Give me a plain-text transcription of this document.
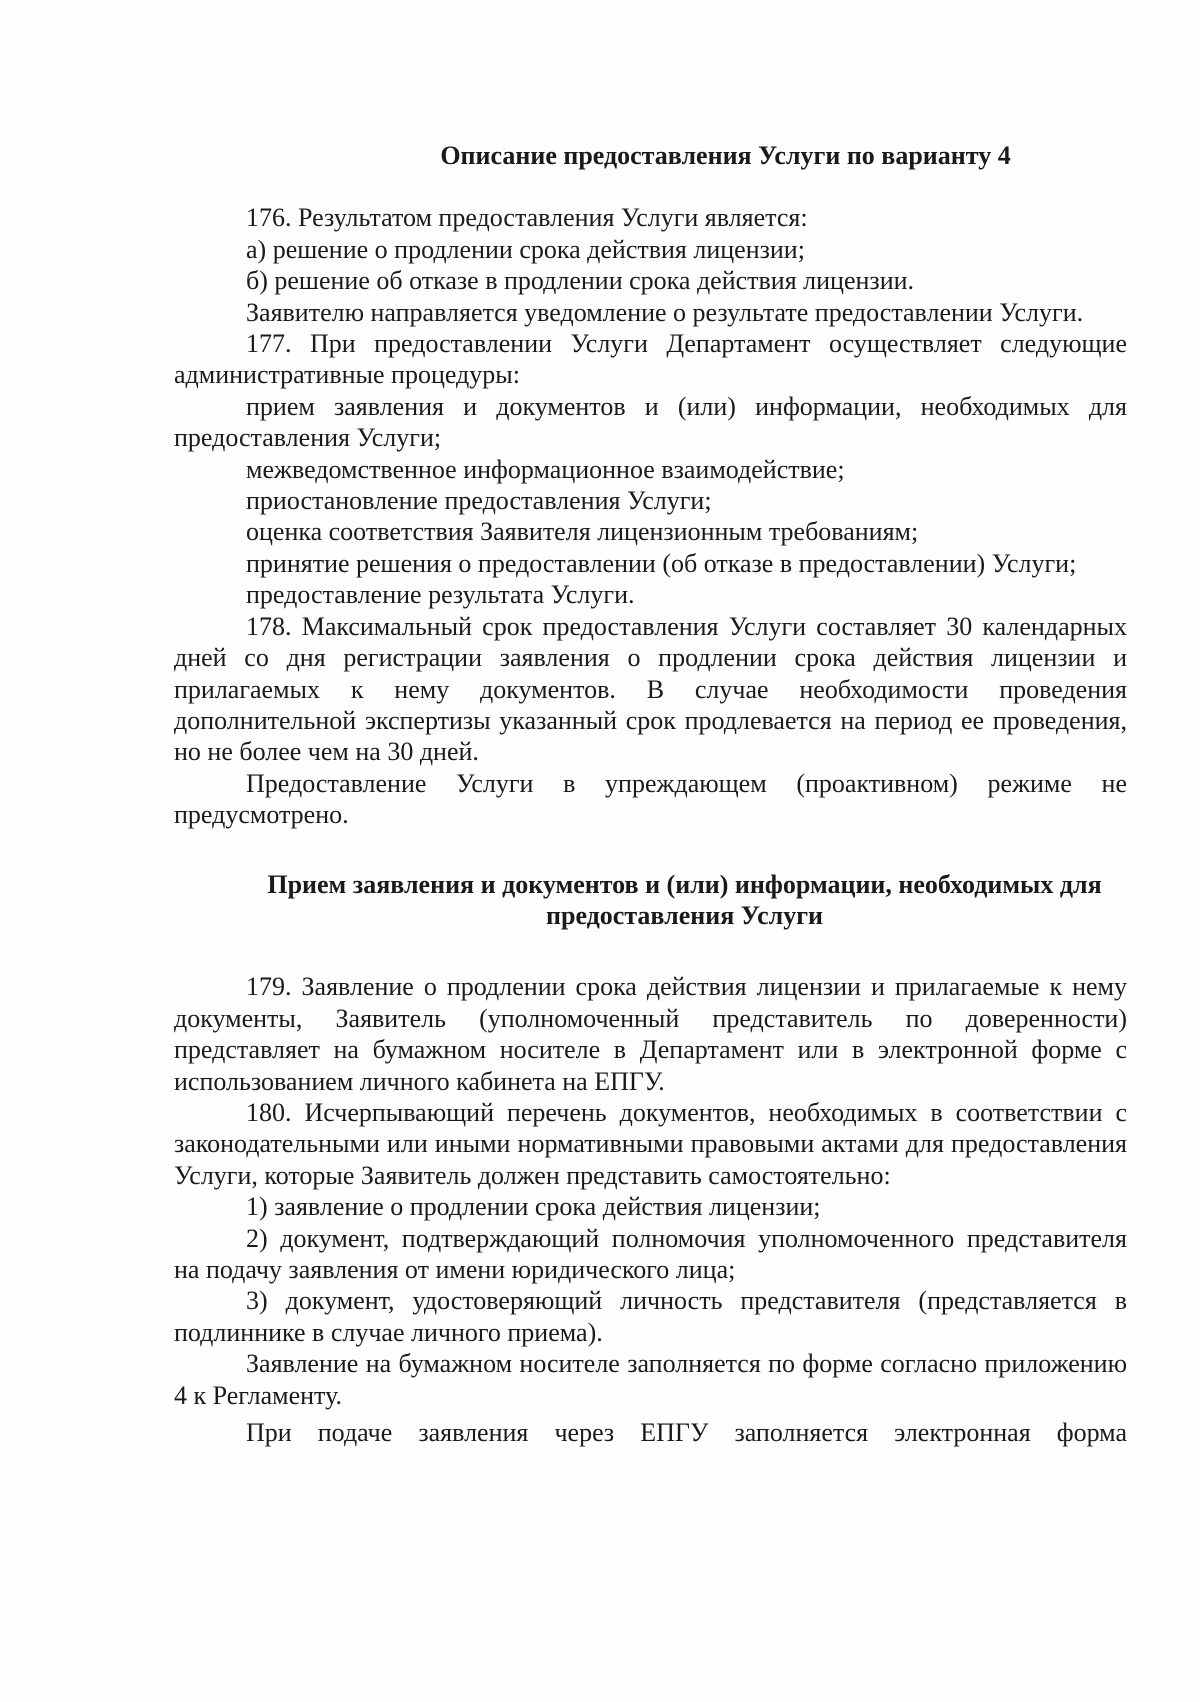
Описание предоставления Услуги по варианту 4

176. Результатом предоставления Услуги является:

а) решение о продлении срока действия лицензии;

б) решение об отказе в продлении срока действия лицензии.

Заявителю направляется уведомление о результате предоставлении Услуги.

177. При предоставлении Услуги Департамент осуществляет следующие административные процедуры:

прием заявления и документов и (или) информации, необходимых для предоставления Услуги;

межведомственное информационное взаимодействие;

приостановление предоставления Услуги;

оценка соответствия Заявителя лицензионным требованиям;

принятие решения о предоставлении (об отказе в предоставлении) Услуги;

предоставление результата Услуги.

178. Максимальный срок предоставления Услуги составляет 30 календарных дней со дня регистрации заявления о продлении срока действия лицензии и прилагаемых к нему документов. В случае необходимости проведения дополнительной экспертизы указанный срок продлевается на период ее проведения, но не более чем на 30 дней.

Предоставление Услуги в упреждающем (проактивном) режиме не предусмотрено.

Прием заявления и документов и (или) информации, необходимых для предоставления Услуги

179. Заявление о продлении срока действия лицензии и прилагаемые к нему документы, Заявитель (уполномоченный представитель по доверенности) представляет на бумажном носителе в Департамент или в электронной форме с использованием личного кабинета на ЕПГУ.

180. Исчерпывающий перечень документов, необходимых в соответствии с законодательными или иными нормативными правовыми актами для предоставления Услуги, которые Заявитель должен представить самостоятельно:

1) заявление о продлении срока действия лицензии;

2) документ, подтверждающий полномочия уполномоченного представителя на подачу заявления от имени юридического лица;

3) документ, удостоверяющий личность представителя (представляется в подлиннике в случае личного приема).

Заявление на бумажном носителе заполняется по форме согласно приложению 4 к Регламенту.

При подаче заявления через ЕПГУ заполняется электронная форма
